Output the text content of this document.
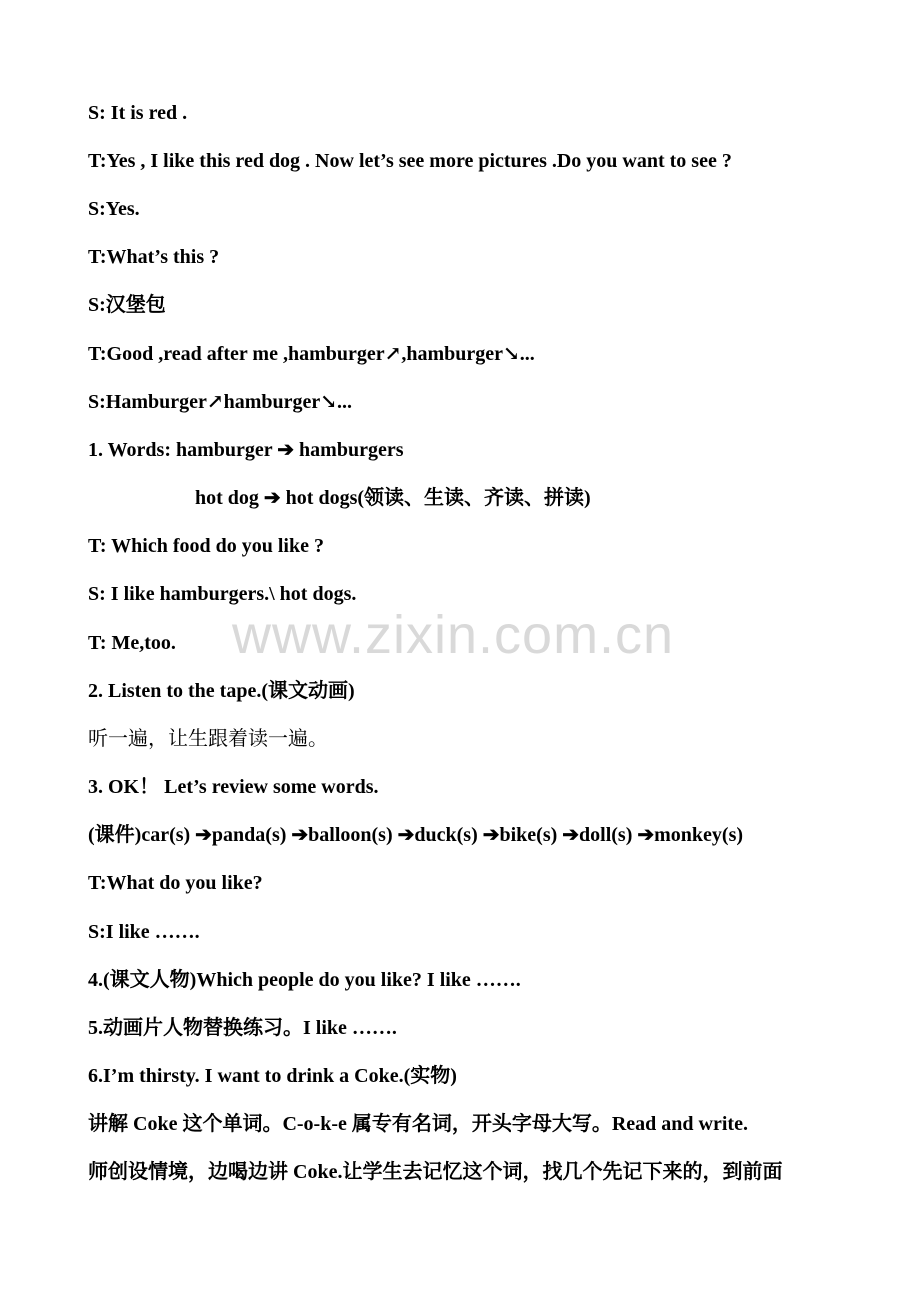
S: It is red .
T:Yes , I like this red dog . Now let’s see more pictures .Do you want to see ?
S:Yes.
T:What’s this ?
S:汉堡包
T:Good ,read after me ,hamburger↗,hamburger↘...
S:Hamburger↗hamburger↘...
1. Words: hamburger ➔ hamburgers
hot dog ➔ hot dogs(领读、生读、齐读、拼读)
T: Which food do you like ?
S: I like hamburgers.\ hot dogs.
T: Me,too.
2. Listen to the tape.(课文动画)
听一遍，让生跟着读一遍。
3. OK！ Let’s review some words.
(课件)car(s) ➔panda(s) ➔balloon(s) ➔duck(s) ➔bike(s) ➔doll(s) ➔monkey(s)
T:What do you like?
S:I like …….
4.(课文人物)Which people do you like? I like …….
5.动画片人物替换练习。I like …….
6.I’m thirsty. I want to drink a Coke.(实物)
讲解 Coke 这个单词。C-o-k-e 属专有名词，开头字母大写。Read and write.
师创设情境，边喝边讲 Coke.让学生去记忆这个词，找几个先记下来的，到前面
www.zixin.com.cn
